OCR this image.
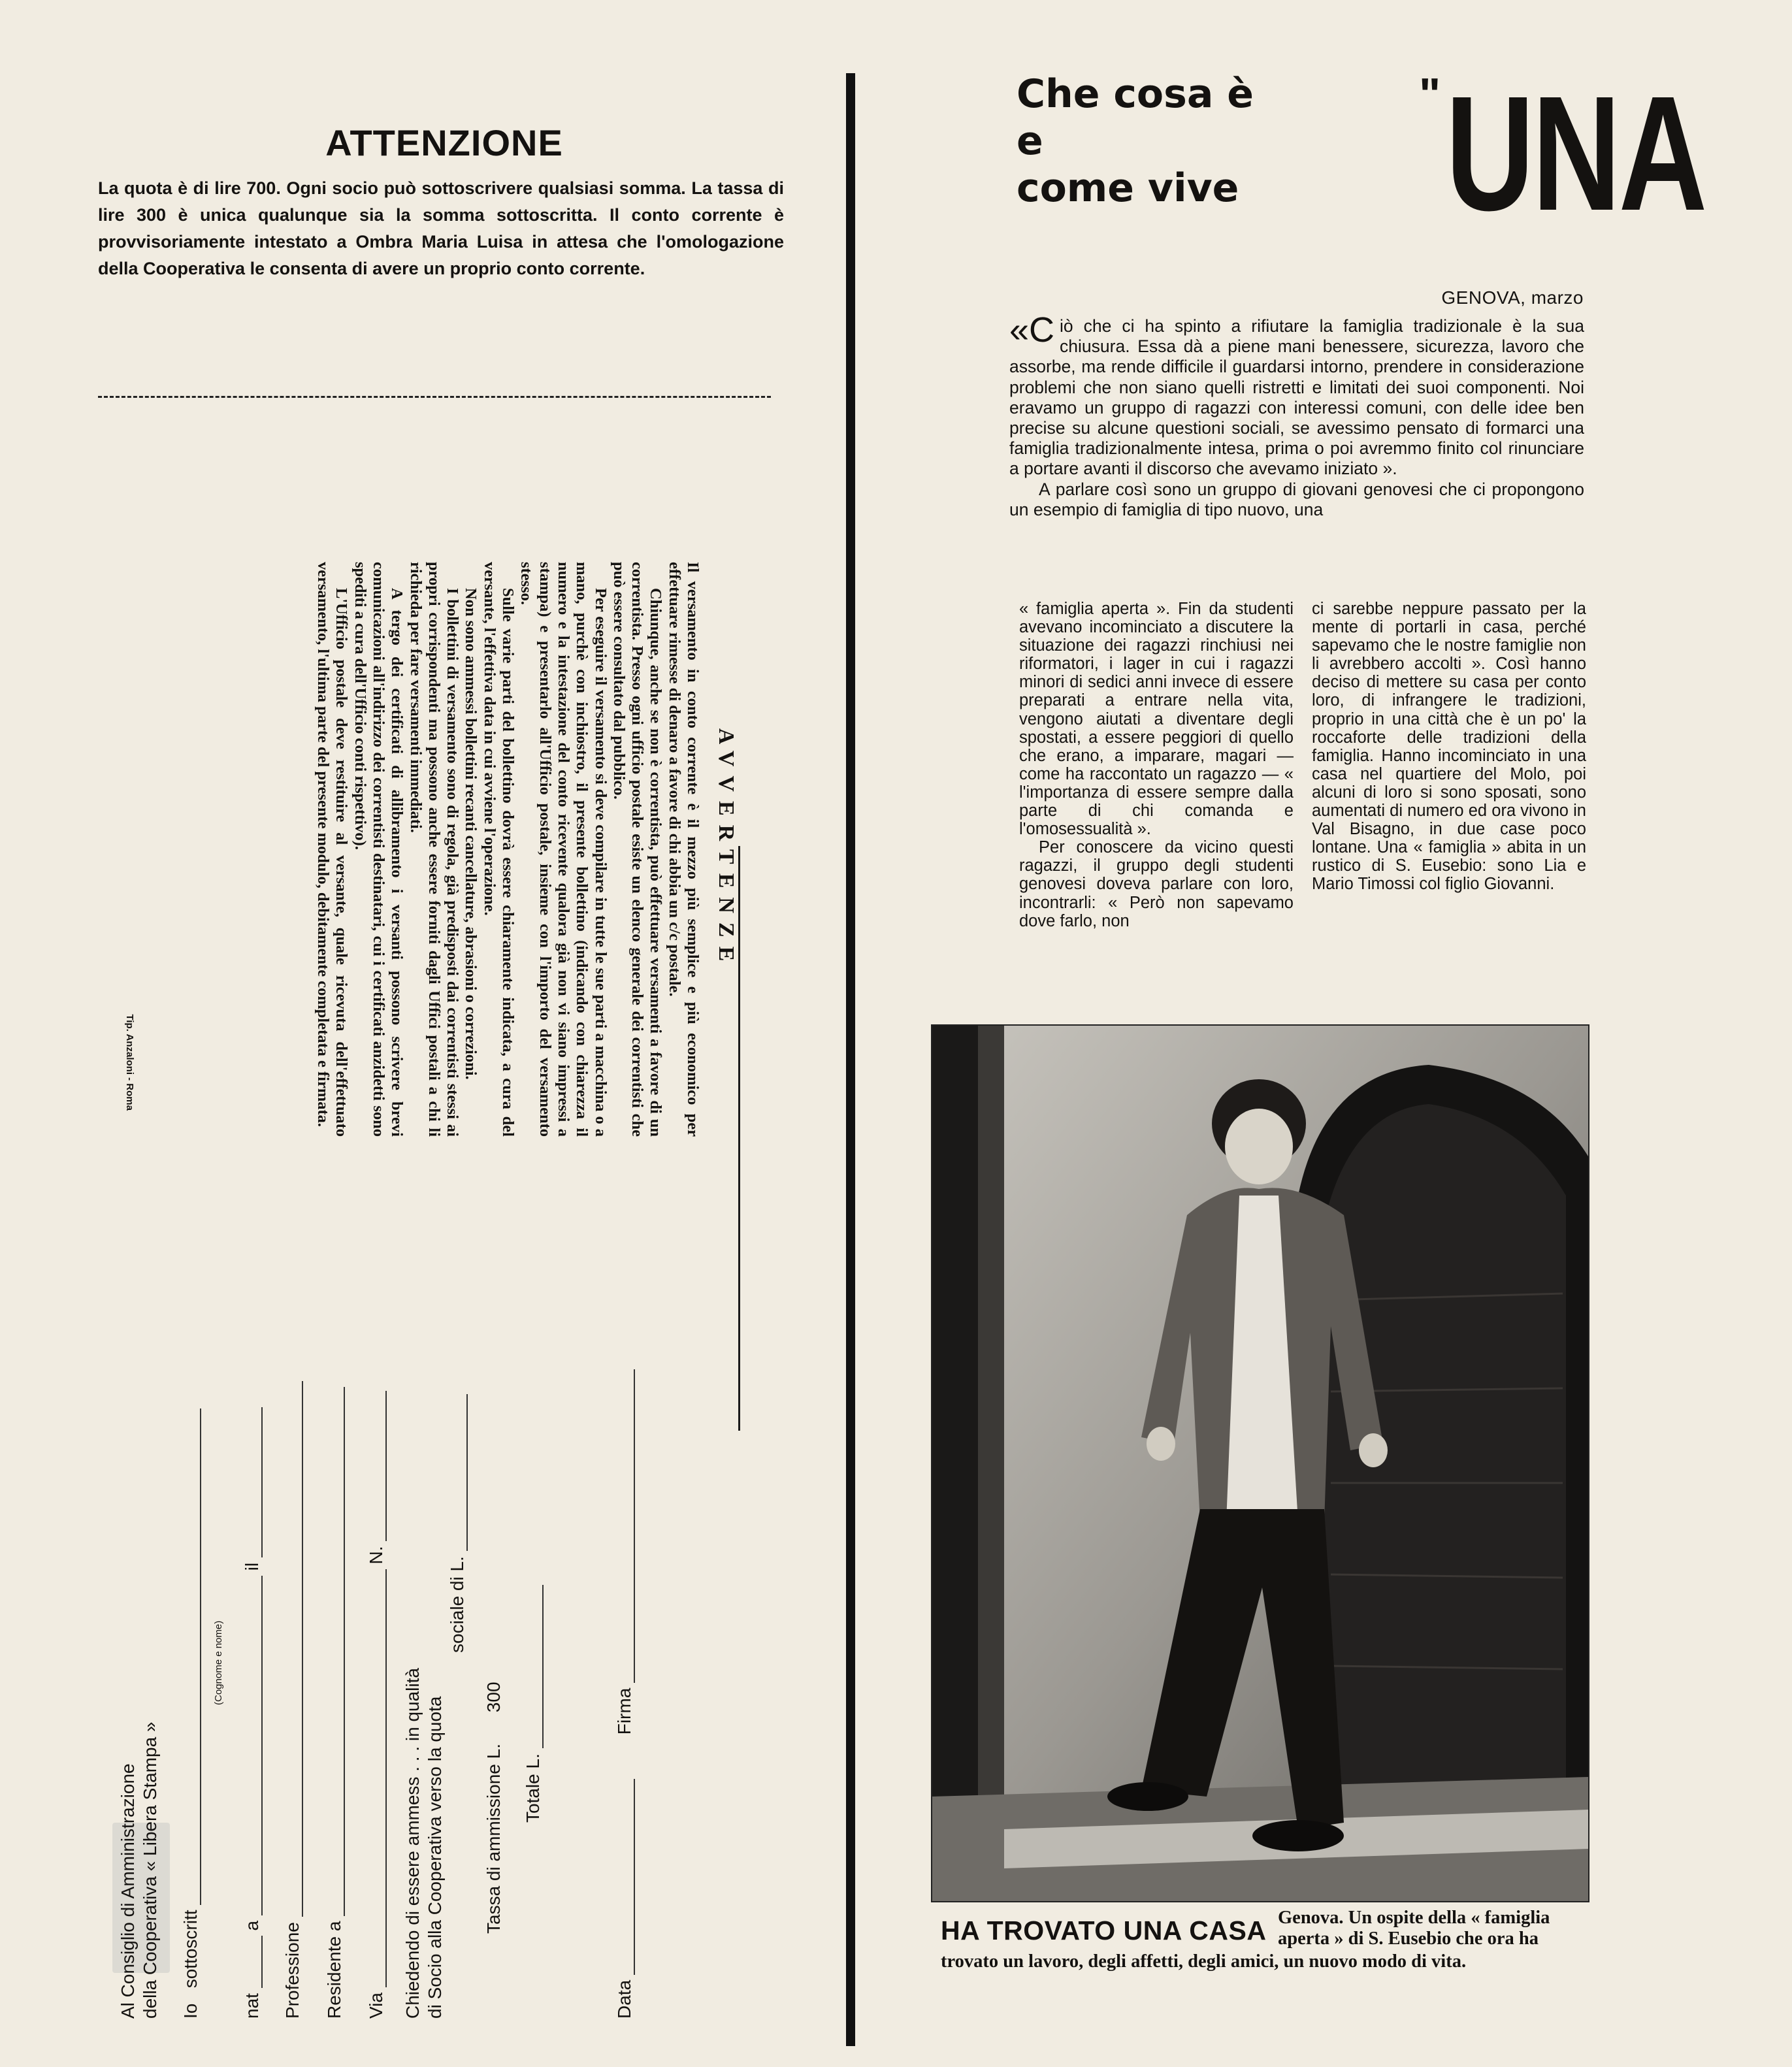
ATTENZIONE
La quota è di lire 700. Ogni socio può sottoscrivere qualsiasi somma. La tassa di lire 300 è unica qualunque sia la somma sottoscritta. Il conto corrente è provvisoriamente intestato a Ombra Maria Luisa in attesa che l'omologazione della Cooperativa le consenta di avere un proprio conto corrente.
AVVERTENZE

Il versamento in conto corrente è il mezzo più semplice e più economico per effettuare rimesse di denaro a favore di chi abbia un c/c postale.

Chiunque, anche se non è correntista, può effettuare versamenti a favore di un correntista. Presso ogni ufficio postale esiste un elenco generale dei correntisti che può essere consultato dal pubblico.

Per eseguire il versamento si deve compilare in tutte le sue parti a macchina o a mano, purchè con inchiostro, il presente bollettino (indicando con chiarezza il numero e la intestazione del conto ricevente qualora già non vi siano impressi a stampa) e presentarlo all'Ufficio postale, insieme con l'importo del versamento stesso.

Sulle varie parti del bollettino dovrà essere chiaramente indicata, a cura del versante, l'effettiva data in cui avviene l'operazione.

Non sono ammessi bollettini recanti cancellature, abrasioni o correzioni.

I bollettini di versamento sono di regola, già predisposti dai correntisti stessi ai propri corrispondenti ma possono anche essere forniti dagli Uffici postali a chi li richieda per fare versamenti immediati.

A tergo dei certificati di allibramento i versanti possono scrivere brevi comunicazioni all'indirizzo dei correntisti destinatari, cui i certificati anzidetti sono spediti a cura dell'Ufficio conti rispettivo).

L'Ufficio postale deve restituire al versante, quale ricevuta dell'effettuato versamento, l'ultima parte del presente modulo, debitamente completata e firmata.

Tip. Anzaloni - Roma
Al Consiglio di Amministrazione della Cooperativa « Libera Stampa » Io   sottoscritt
(Cognome e nome)
nat  a  il
Professione Residente a Via  N.
Chiedendo di essere ammess . . . in qualità di Socio alla Cooperativa verso la quota
sociale di L.
Tassa di ammissione L. 300
Totale L.
Data  Firma
Che cosa è
e
come vive
"UNA
GENOVA, marzo

«Ciò che ci ha spinto a rifiutare la famiglia tradizionale è la sua chiusura. Essa dà a piene mani benessere, sicurezza, lavoro che assorbe, ma rende difficile il guardarsi intorno, prendere in considerazione problemi che non siano quelli ristretti e limitati dei suoi componenti. Noi eravamo un gruppo di ragazzi con interessi comuni, con delle idee ben precise su alcune questioni sociali, se avessimo pensato di formarci una famiglia tradizionalmente intesa, prima o poi avremmo finito col rinunciare a portare avanti il discorso che avevamo iniziato ».

A parlare così sono un gruppo di giovani genovesi che ci propongono un esempio di famiglia di tipo nuovo, una

« famiglia aperta ». Fin da studenti avevano incominciato a discutere la situazione dei ragazzi rinchiusi nei riformatori, i lager in cui i ragazzi minori di sedici anni invece di essere preparati a entrare nella vita, vengono aiutati a diventare degli spostati, a essere peggiori di quello che erano, a imparare, magari — come ha raccontato un ragazzo — « l'importanza di essere sempre dalla parte di chi comanda e l'omosessualità ».

Per conoscere da vicino questi ragazzi, il gruppo degli studenti genovesi doveva parlare con loro, incontrarli: « Però non sapevamo dove farlo, non

ci sarebbe neppure passato per la mente di portarli in casa, perché sapevamo che le nostre famiglie non li avrebbero accolti ». Così hanno deciso di mettere su casa per conto loro, di infrangere le tradizioni, proprio in una città che è un po' la roccaforte delle tradizioni della famiglia. Hanno incominciato in una casa nel quartiere del Molo, poi alcuni di loro si sono sposati, sono aumentati di numero ed ora vivono in Val Bisagno, in due case poco lontane. Una « famiglia » abita in un rustico di S. Eusebio: sono Lia e Mario Timossi col figlio Giovanni.

HA TROVATO UNA CASA Genova. Un ospite della « famiglia aperta » di S. Eusebio che ora ha
trovato un lavoro, degli affetti, degli amici, un nuovo modo di vita.
